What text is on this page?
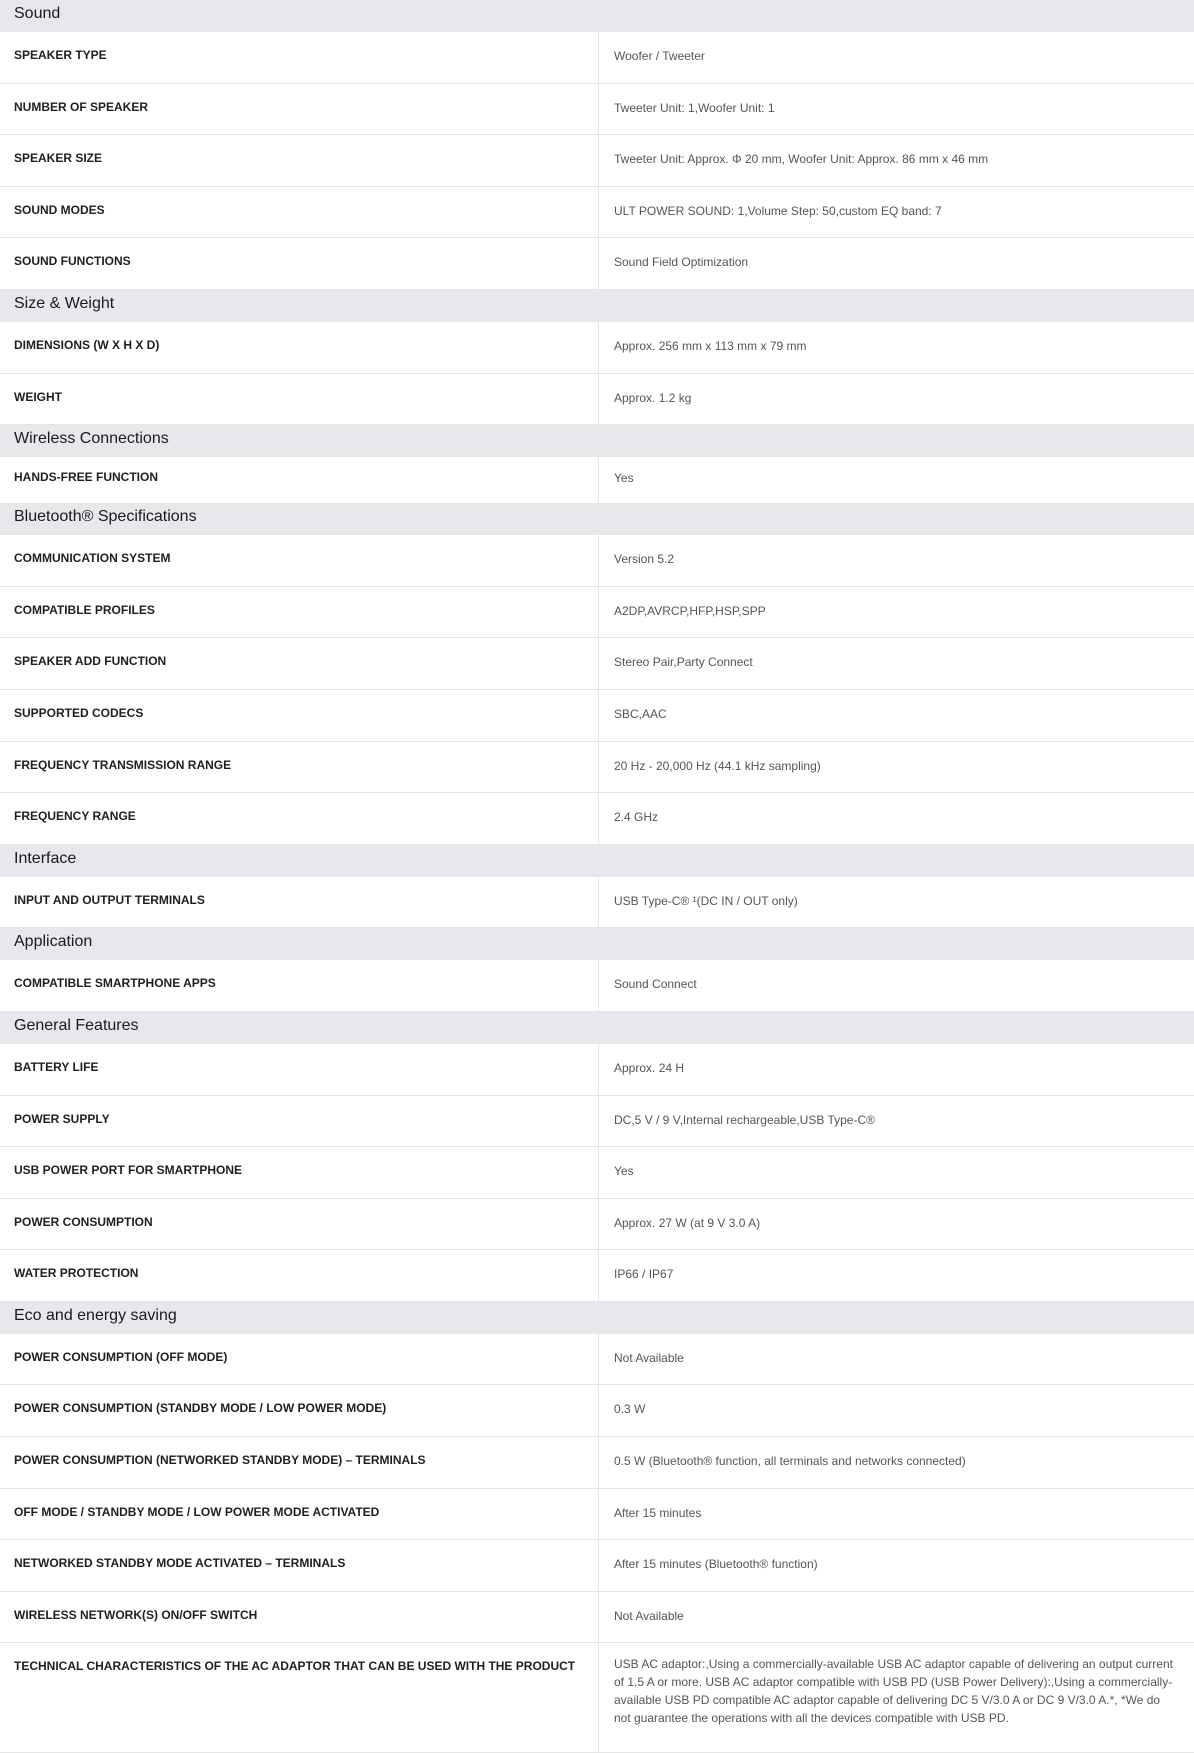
Sound
SPEAKER TYPE	Woofer / Tweeter
NUMBER OF SPEAKER	Tweeter Unit: 1,Woofer Unit: 1
SPEAKER SIZE	Tweeter Unit: Approx. Φ 20 mm, Woofer Unit: Approx. 86 mm x 46 mm
SOUND MODES	ULT POWER SOUND: 1,Volume Step: 50,custom EQ band: 7
SOUND FUNCTIONS	Sound Field Optimization
Size & Weight
DIMENSIONS (W X H X D)	Approx. 256 mm x 113 mm x 79 mm
WEIGHT	Approx. 1.2 kg
Wireless Connections
HANDS-FREE FUNCTION	Yes
Bluetooth® Specifications
COMMUNICATION SYSTEM	Version 5.2
COMPATIBLE PROFILES	A2DP,AVRCP,HFP,HSP,SPP
SPEAKER ADD FUNCTION	Stereo Pair,Party Connect
SUPPORTED CODECS	SBC,AAC
FREQUENCY TRANSMISSION RANGE	20 Hz - 20,000 Hz (44.1 kHz sampling)
FREQUENCY RANGE	2.4 GHz
Interface
INPUT AND OUTPUT TERMINALS	USB Type-C® ¹(DC IN / OUT only)
Application
COMPATIBLE SMARTPHONE APPS	Sound Connect
General Features
BATTERY LIFE	Approx. 24 H
POWER SUPPLY	DC,5 V / 9 V,Internal rechargeable,USB Type-C®
USB POWER PORT FOR SMARTPHONE	Yes
POWER CONSUMPTION	Approx. 27 W (at 9 V 3.0 A)
WATER PROTECTION	IP66 / IP67
Eco and energy saving
POWER CONSUMPTION (OFF MODE)	Not Available
POWER CONSUMPTION (STANDBY MODE / LOW POWER MODE)	0.3 W
POWER CONSUMPTION (NETWORKED STANDBY MODE) – TERMINALS	0.5 W (Bluetooth® function, all terminals and networks connected)
OFF MODE / STANDBY MODE / LOW POWER MODE ACTIVATED	After 15 minutes
NETWORKED STANDBY MODE ACTIVATED – TERMINALS	After 15 minutes (Bluetooth® function)
WIRELESS NETWORK(S) ON/OFF SWITCH	Not Available
TECHNICAL CHARACTERISTICS OF THE AC ADAPTOR THAT CAN BE USED WITH THE PRODUCT	USB AC adaptor:,Using a commercially-available USB AC adaptor capable of delivering an output current of 1.5 A or more. USB AC adaptor compatible with USB PD (USB Power Delivery):,Using a commercially-available USB PD compatible AC adaptor capable of delivering DC 5 V/3.0 A or DC 9 V/3.0 A.*, *We do not guarantee the operations with all the devices compatible with USB PD.
